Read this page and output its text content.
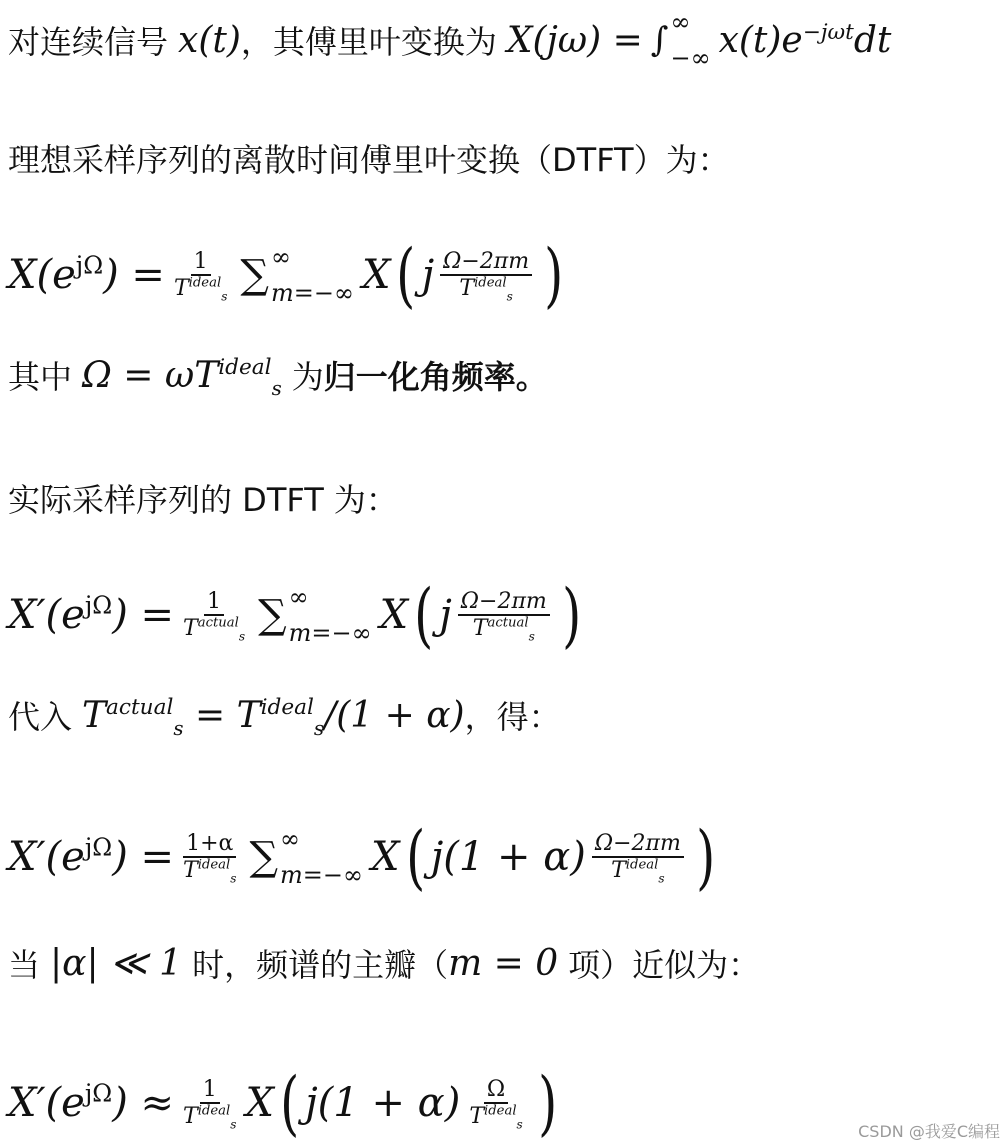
对连续信号 x(t) ，其傅里叶变换为 X(jω) = ∫ ∞
−∞ $x(t)e^{-j\omega t}dt$
理想采样序列的离散时间傅里叶变换（DTFT）为：
$X(e^{j\Omega}) = \frac{1}{T^{ideal}_s}$ ∑ ∞
m=−∞ X ( j $\frac{\Omega-2\pi m}{T^{ideal}_s}$ )
其中 $\Omega = \omega T^{ideal}_s$ 为 归一化角频率。
实际采样序列的 DTFT 为：
$X'(e^{j\Omega}) = \frac{1}{T^{actual}_s}$ ∑ ∞
m=−∞ X ( j $\frac{\Omega-2\pi m}{T^{actual}_s}$ )
代入 $T^{actual}_s = T^{ideal}_s/(1 + \alpha)$ ，得：
$X'(e^{j\Omega}) = \frac{1+\alpha}{T^{ideal}_s}$ ∑ ∞
m=−∞ X ( $j(1 + \alpha) \frac{\Omega-2\pi m}{T^{ideal}_s}$ )
当 |α| ≪ 1 时，频谱的主瓣（ m = 0 项）近似为：
$X'(e^{j\Omega}) \approx \frac{1}{T^{ideal}_s}$ X ( $j(1 + \alpha) \frac{\Omega}{T^{ideal}_s}$ )	CSDN @我爱C编程
